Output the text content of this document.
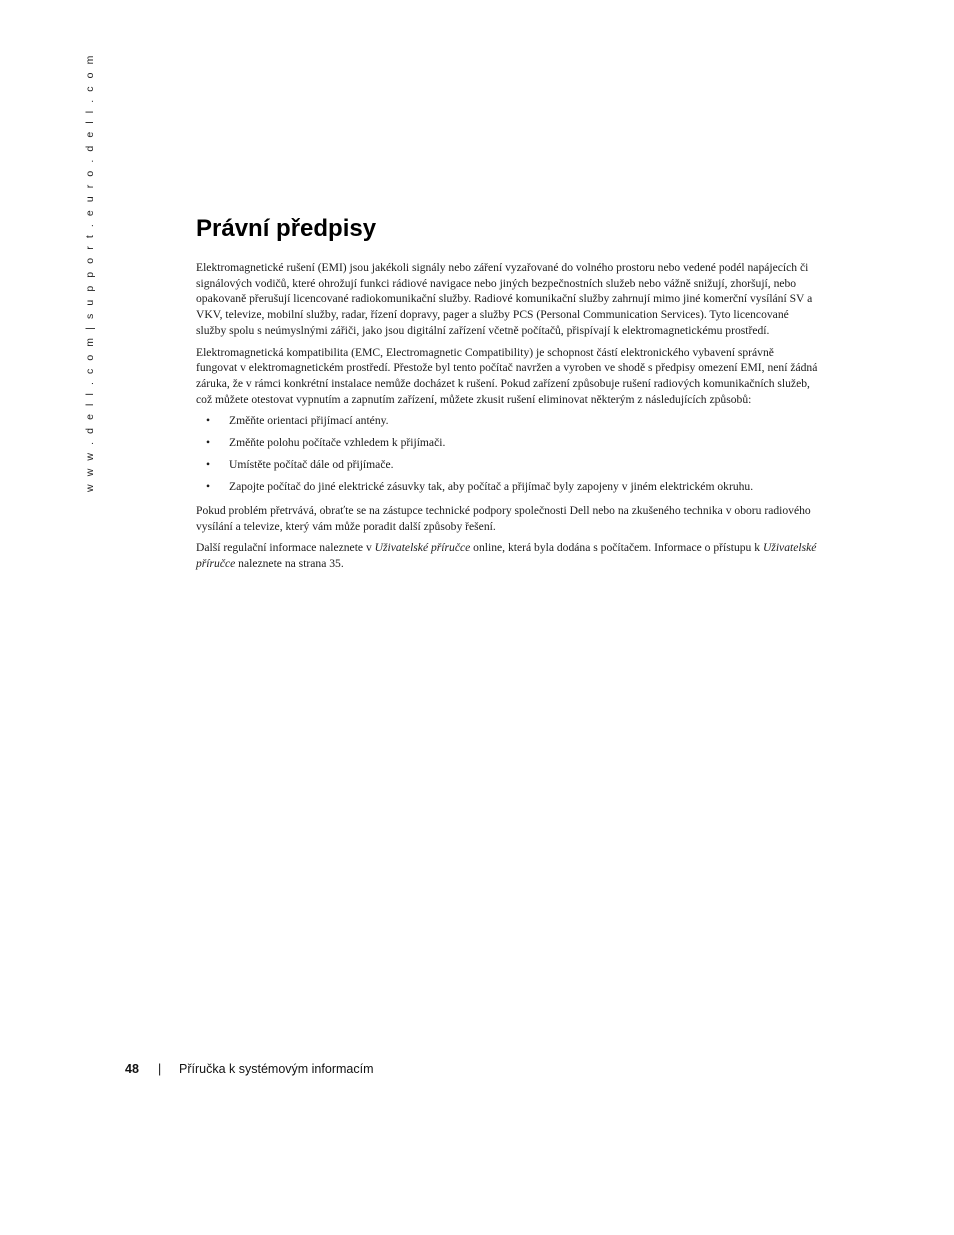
w w w . d e l l . c o m | s u p p o r t . e u r o . d e l l . c o m	Právní předpisy

Elektromagnetické rušení (EMI) jsou jakékoli signály nebo záření vyzařované do volného prostoru nebo vedené podél napájecích či signálových vodičů, které ohrožují funkci rádiové navigace nebo jiných bezpečnostních služeb nebo vážně snižují, zhoršují, nebo opakovaně přerušují licencované radiokomunikační služby. Radiové komunikační služby zahrnují mimo jiné komerční vysílání SV a VKV, televize, mobilní služby, radar, řízení dopravy, pager a služby PCS (Personal Communication Services). Tyto licencované služby spolu s neúmyslnými zářiči, jako jsou digitální zařízení včetně počítačů, přispívají k elektromagnetickému prostředí.

Elektromagnetická kompatibilita (EMC, Electromagnetic Compatibility) je schopnost částí elektronického vybavení správně fungovat v elektromagnetickém prostředí. Přestože byl tento počítač navržen a vyroben ve shodě s předpisy omezení EMI, není žádná záruka, že v rámci konkrétní instalace nemůže docházet k rušení. Pokud zařízení způsobuje rušení radiových komunikačních služeb, což můžete otestovat vypnutím a zapnutím zařízení, můžete zkusit rušení eliminovat některým z následujících způsobů:

• Změňte orientaci přijímací antény.
• Změňte polohu počítače vzhledem k přijímači.
• Umístěte počítač dále od přijímače.
• Zapojte počítač do jiné elektrické zásuvky tak, aby počítač a přijímač byly zapojeny v jiném elektrickém okruhu.

Pokud problém přetrvává, obraťte se na zástupce technické podpory společnosti Dell nebo na zkušeného technika v oboru radiového vysílání a televize, který vám může poradit další způsoby řešení.

Další regulační informace naleznete v Uživatelské příručce online, která byla dodána s počítačem. Informace o přístupu k Uživatelské příručce naleznete na strana 35.

48 | Příručka k systémovým informacím
